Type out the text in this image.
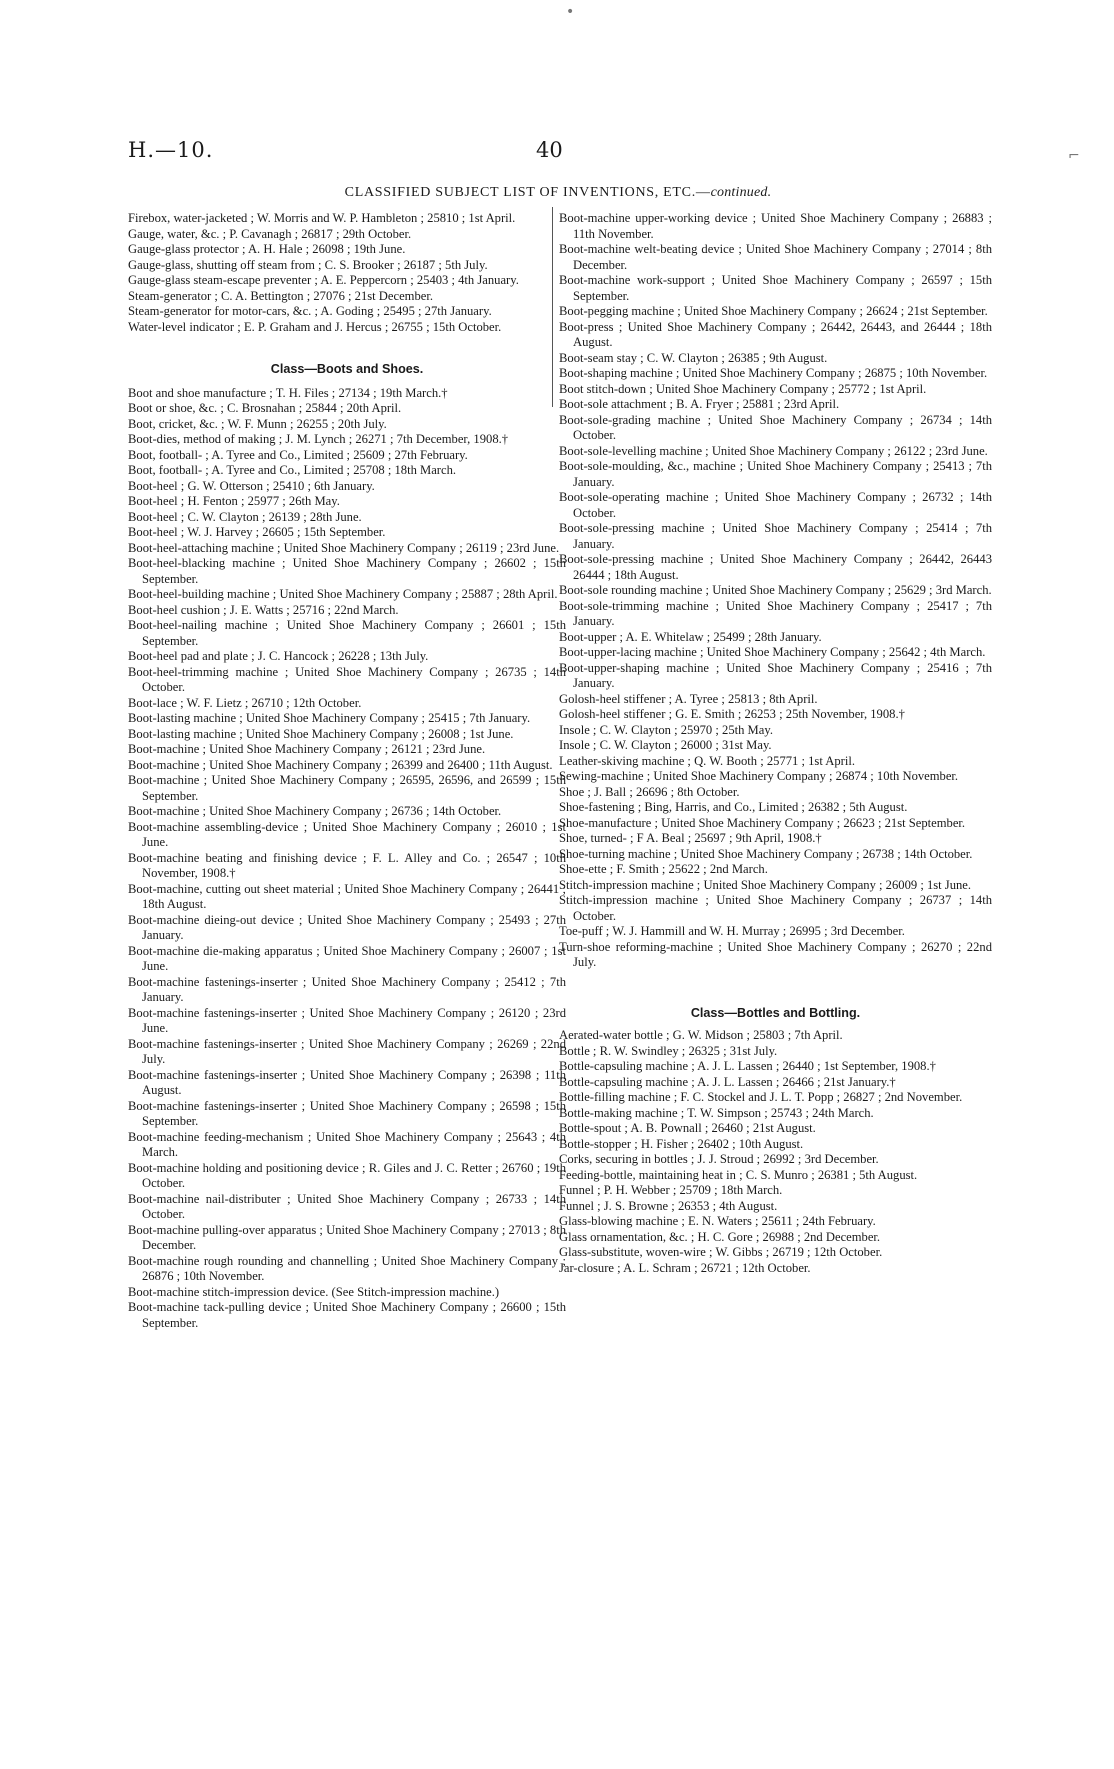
•
⌐
H.—10.	40
CLASSIFIED SUBJECT LIST OF INVENTIONS, ETC.—continued.

Firebox, water-jacketed ; W. Morris and W. P. Hambleton ; 25810 ; 1st April.

Gauge, water, &c. ; P. Cavanagh ; 26817 ; 29th October.

Gauge-glass protector ; A. H. Hale ; 26098 ; 19th June.

Gauge-glass, shutting off steam from ; C. S. Brooker ; 26187 ; 5th July.

Gauge-glass steam-escape preventer ; A. E. Peppercorn ; 25403 ; 4th January.

Steam-generator ; C. A. Bettington ; 27076 ; 21st December.

Steam-generator for motor-cars, &c. ; A. Goding ; 25495 ; 27th January.

Water-level indicator ; E. P. Graham and J. Hercus ; 26755 ; 15th October.

Class—Boots and Shoes.

Boot and shoe manufacture ; T. H. Files ; 27134 ; 19th March.†

Boot or shoe, &c. ; C. Brosnahan ; 25844 ; 20th April.

Boot, cricket, &c. ; W. F. Munn ; 26255 ; 20th July.

Boot-dies, method of making ; J. M. Lynch ; 26271 ; 7th December, 1908.†

Boot, football- ; A. Tyree and Co., Limited ; 25609 ; 27th February.

Boot, football- ; A. Tyree and Co., Limited ; 25708 ; 18th March.

Boot-heel ; G. W. Otterson ; 25410 ; 6th January.

Boot-heel ; H. Fenton ; 25977 ; 26th May.

Boot-heel ; C. W. Clayton ; 26139 ; 28th June.

Boot-heel ; W. J. Harvey ; 26605 ; 15th September.

Boot-heel-attaching machine ; United Shoe Machinery Company ; 26119 ; 23rd June.

Boot-heel-blacking machine ; United Shoe Machinery Company ; 26602 ; 15th September.

Boot-heel-building machine ; United Shoe Machinery Company ; 25887 ; 28th April.

Boot-heel cushion ; J. E. Watts ; 25716 ; 22nd March.

Boot-heel-nailing machine ; United Shoe Machinery Company ; 26601 ; 15th September.

Boot-heel pad and plate ; J. C. Hancock ; 26228 ; 13th July.

Boot-heel-trimming machine ; United Shoe Machinery Company ; 26735 ; 14th October.

Boot-lace ; W. F. Lietz ; 26710 ; 12th October.

Boot-lasting machine ; United Shoe Machinery Company ; 25415 ; 7th January.

Boot-lasting machine ; United Shoe Machinery Company ; 26008 ; 1st June.

Boot-machine ; United Shoe Machinery Company ; 26121 ; 23rd June.

Boot-machine ; United Shoe Machinery Company ; 26399 and 26400 ; 11th August.

Boot-machine ; United Shoe Machinery Company ; 26595, 26596, and 26599 ; 15th September.

Boot-machine ; United Shoe Machinery Company ; 26736 ; 14th October.

Boot-machine assembling-device ; United Shoe Machinery Company ; 26010 ; 1st June.

Boot-machine beating and finishing device ; F. L. Alley and Co. ; 26547 ; 10th November, 1908.†

Boot-machine, cutting out sheet material ; United Shoe Machinery Company ; 26441 ; 18th August.

Boot-machine dieing-out device ; United Shoe Machinery Company ; 25493 ; 27th January.

Boot-machine die-making apparatus ; United Shoe Machinery Company ; 26007 ; 1st June.

Boot-machine fastenings-inserter ; United Shoe Machinery Company ; 25412 ; 7th January.

Boot-machine fastenings-inserter ; United Shoe Machinery Company ; 26120 ; 23rd June.

Boot-machine fastenings-inserter ; United Shoe Machinery Company ; 26269 ; 22nd July.

Boot-machine fastenings-inserter ; United Shoe Machinery Company ; 26398 ; 11th August.

Boot-machine fastenings-inserter ; United Shoe Machinery Company ; 26598 ; 15th September.

Boot-machine feeding-mechanism ; United Shoe Machinery Company ; 25643 ; 4th March.

Boot-machine holding and positioning device ; R. Giles and J. C. Retter ; 26760 ; 19th October.

Boot-machine nail-distributer ; United Shoe Machinery Company ; 26733 ; 14th October.

Boot-machine pulling-over apparatus ; United Shoe Machinery Company ; 27013 ; 8th December.

Boot-machine rough rounding and channelling ; United Shoe Machinery Company ; 26876 ; 10th November.

Boot-machine stitch-impression device. (See Stitch-impression machine.)

Boot-machine tack-pulling device ; United Shoe Machinery Company ; 26600 ; 15th September.

Boot-machine upper-working device ; United Shoe Machinery Company ; 26883 ; 11th November.

Boot-machine welt-beating device ; United Shoe Machinery Company ; 27014 ; 8th December.

Boot-machine work-support ; United Shoe Machinery Company ; 26597 ; 15th September.

Boot-pegging machine ; United Shoe Machinery Company ; 26624 ; 21st September.

Boot-press ; United Shoe Machinery Company ; 26442, 26443, and 26444 ; 18th August.

Boot-seam stay ; C. W. Clayton ; 26385 ; 9th August.

Boot-shaping machine ; United Shoe Machinery Company ; 26875 ; 10th November.

Boot stitch-down ; United Shoe Machinery Company ; 25772 ; 1st April.

Boot-sole attachment ; B. A. Fryer ; 25881 ; 23rd April.

Boot-sole-grading machine ; United Shoe Machinery Company ; 26734 ; 14th October.

Boot-sole-levelling machine ; United Shoe Machinery Company ; 26122 ; 23rd June.

Boot-sole-moulding, &c., machine ; United Shoe Machinery Company ; 25413 ; 7th January.

Boot-sole-operating machine ; United Shoe Machinery Company ; 26732 ; 14th October.

Boot-sole-pressing machine ; United Shoe Machinery Company ; 25414 ; 7th January.

Boot-sole-pressing machine ; United Shoe Machinery Company ; 26442, 26443 26444 ; 18th August.

Boot-sole rounding machine ; United Shoe Machinery Company ; 25629 ; 3rd March.

Boot-sole-trimming machine ; United Shoe Machinery Company ; 25417 ; 7th January.

Boot-upper ; A. E. Whitelaw ; 25499 ; 28th January.

Boot-upper-lacing machine ; United Shoe Machinery Company ; 25642 ; 4th March.

Boot-upper-shaping machine ; United Shoe Machinery Company ; 25416 ; 7th January.

Golosh-heel stiffener ; A. Tyree ; 25813 ; 8th April.

Golosh-heel stiffener ; G. E. Smith ; 26253 ; 25th November, 1908.†

Insole ; C. W. Clayton ; 25970 ; 25th May.

Insole ; C. W. Clayton ; 26000 ; 31st May.

Leather-skiving machine ; Q. W. Booth ; 25771 ; 1st April.

Sewing-machine ; United Shoe Machinery Company ; 26874 ; 10th November.

Shoe ; J. Ball ; 26696 ; 8th October.

Shoe-fastening ; Bing, Harris, and Co., Limited ; 26382 ; 5th August.

Shoe-manufacture ; United Shoe Machinery Company ; 26623 ; 21st September.

Shoe, turned- ; F A. Beal ; 25697 ; 9th April, 1908.†

Shoe-turning machine ; United Shoe Machinery Company ; 26738 ; 14th October.

Shoe-ette ; F. Smith ; 25622 ; 2nd March.

Stitch-impression machine ; United Shoe Machinery Company ; 26009 ; 1st June.

Stitch-impression machine ; United Shoe Machinery Company ; 26737 ; 14th October.

Toe-puff ; W. J. Hammill and W. H. Murray ; 26995 ; 3rd December.

Turn-shoe reforming-machine ; United Shoe Machinery Company ; 26270 ; 22nd July.

Class—Bottles and Bottling.

Aerated-water bottle ; G. W. Midson ; 25803 ; 7th April.

Bottle ; R. W. Swindley ; 26325 ; 31st July.

Bottle-capsuling machine ; A. J. L. Lassen ; 26440 ; 1st September, 1908.†

Bottle-capsuling machine ; A. J. L. Lassen ; 26466 ; 21st January.†

Bottle-filling machine ; F. C. Stockel and J. L. T. Popp ; 26827 ; 2nd November.

Bottle-making machine ; T. W. Simpson ; 25743 ; 24th March.

Bottle-spout ; A. B. Pownall ; 26460 ; 21st August.

Bottle-stopper ; H. Fisher ; 26402 ; 10th August.

Corks, securing in bottles ; J. J. Stroud ; 26992 ; 3rd December.

Feeding-bottle, maintaining heat in ; C. S. Munro ; 26381 ; 5th August.

Funnel ; P. H. Webber ; 25709 ; 18th March.

Funnel ; J. S. Browne ; 26353 ; 4th August.

Glass-blowing machine ; E. N. Waters ; 25611 ; 24th February.

Glass ornamentation, &c. ; H. C. Gore ; 26988 ; 2nd December.

Glass-substitute, woven-wire ; W. Gibbs ; 26719 ; 12th October.

Jar-closure ; A. L. Schram ; 26721 ; 12th October.
